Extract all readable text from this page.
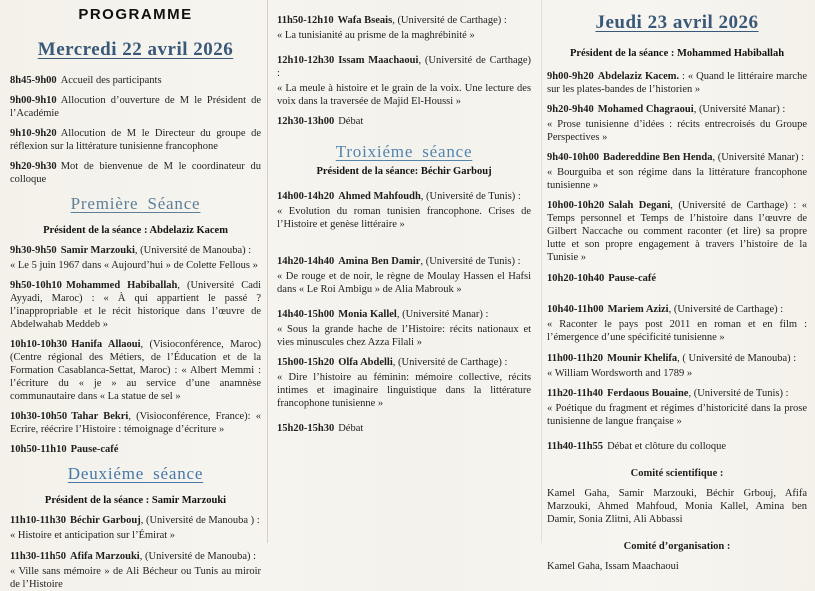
PROGRAMME
Mercredi 22 avril 2026
8h45-9h00 Accueil des participants
9h00-9h10 Allocution d’ouverture de M le Président de l’Académie
9h10-9h20 Allocution de M le Directeur du groupe de réflexion sur la littérature tunisienne francophone
9h20-9h30 Mot de bienvenue de M le coordinateur du colloque
Première Séance
Président de la séance : Abdelaziz Kacem
9h30-9h50 Samir Marzouki, (Université de Manouba) :
« Le 5 juin 1967 dans « Aujourd’hui » de Colette Fellous »
9h50-10h10 Mohammed Habiballah, (Université Cadi Ayyadi, Maroc) : « À qui appartient le passé ? l’inappropriable et le récit historique dans l’œuvre de Abdelwahab Meddeb »
10h10-10h30 Hanifa Allaoui, (Visioconférence, Maroc) (Centre régional des Métiers, de l’Éducation et de la Formation Casablanca-Settat, Maroc) : « Albert Memmi : l’écriture du « je » au service d’une anamnèse communautaire dans « La statue de sel »
10h30-10h50 Tahar Bekri, (Visioconférence, France): « Ecrire, réécrire l’Histoire : témoignage d’écriture »
10h50-11h10 Pause-café
Deuxiéme séance
Président de la séance : Samir Marzouki
11h10-11h30 Béchir Garbouj, (Université de Manouba ) :
« Histoire et anticipation sur l’Émirat »
11h30-11h50 Afifa Marzouki, (Université de Manouba) :
« Ville sans mémoire » de Ali Bécheur ou Tunis au miroir de l’Histoire
11h50-12h10 Wafa Bseais, (Université de Carthage) :
« La tunisianité au prisme de la maghrébinité »
12h10-12h30 Issam Maachaoui, (Université de Carthage) :
« La meule à histoire et le grain de la voix. Une lecture des voix dans la traversée de Majid El-Houssi »
12h30-13h00 Débat
Troixiéme séance
Président de la séance: Béchir Garbouj
14h00-14h20 Ahmed Mahfoudh, (Université de Tunis) :
« Evolution du roman tunisien francophone. Crises de l’Histoire et genèse littéraire »
14h20-14h40 Amina Ben Damir, (Université de Tunis) :
« De rouge et de noir, le règne de Moulay Hassen el Hafsi dans « Le Roi Ambigu » de Alia Mabrouk »
14h40-15h00 Monia Kallel, (Université Manar) :
« Sous la grande hache de l’Histoire: récits nationaux et vies minuscules chez Azza Filali »
15h00-15h20 Olfa Abdelli, (Université de Carthage) :
« Dire l’histoire au féminin: mémoire collective, récits intimes et imaginaire linguistique dans la littérature francophone tunisienne »
15h20-15h30 Débat
Jeudi 23 avril 2026
Président de la séance : Mohammed Habiballah
9h00-9h20 Abdelaziz Kacem. : « Quand le littéraire marche sur les plates-bandes de l’historien »
9h20-9h40 Mohamed Chagraoui, (Université Manar) :
« Prose tunisienne d’idées : récits entrecroisés du Groupe Perspectives »
9h40-10h00 Badereddine Ben Henda, (Université Manar) :
« Bourguiba et son régime dans la littérature francophone tunisienne »
10h00-10h20 Salah Degani, (Université de Carthage) : « Temps personnel et Temps de l’histoire dans l’œuvre de Gilbert Naccache ou comment raconter (et lire) sa propre lutte et son propre engagement à travers l’histoire de la Tunisie »
10h20-10h40 Pause-café
10h40-11h00 Mariem Azizi, (Université de Carthage) :
« Raconter le pays post 2011 en roman et en film : l’émergence d’une spécificité tunisienne »
11h00-11h20 Mounir Khelifa, ( Université de Manouba) :
« William Wordsworth and 1789 »
11h20-11h40 Ferdaous Bouaine, (Université de Tunis) :
« Poétique du fragment et régimes d’historicité dans la prose tunisienne de langue française »
11h40-11h55 Débat et clôture du colloque
Comité scientifique :
Kamel Gaha, Samir Marzouki, Béchir Grbouj, Afifa Marzouki, Ahmed Mahfoud, Monia Kallel, Amina ben Damir, Sonia Zlitni, Ali Abbassi
Comité d’organisation :
Kamel Gaha, Issam Maachaoui
